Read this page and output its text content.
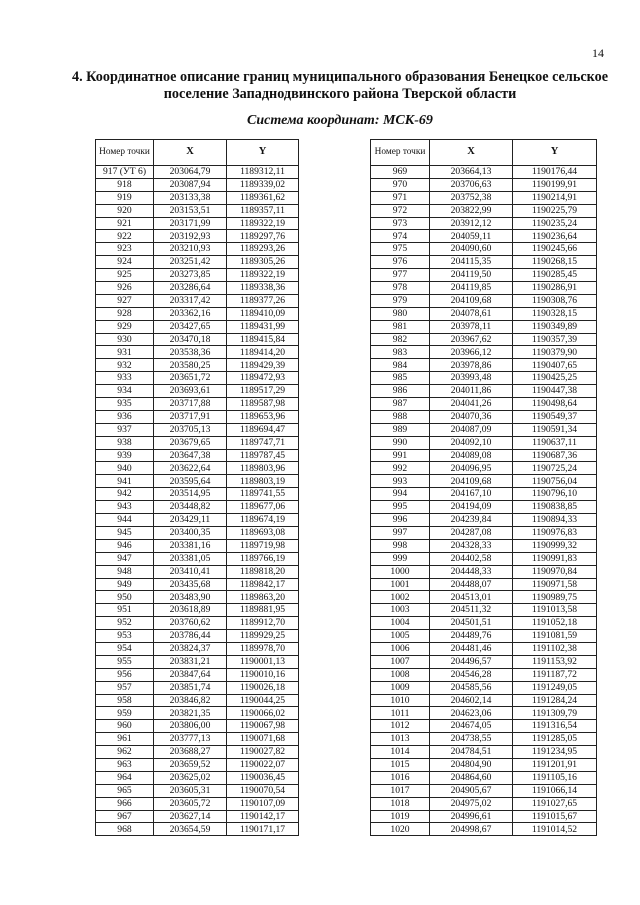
14
4. Координатное описание границ муниципального образования Бенецкое сельское поселение Западнодвинского района Тверской области
Система координат: МСК-69
Номер точки	X	Y
917 (УТ 6)	203064,79	1189312,11
918	203087,94	1189339,02
919	203133,38	1189361,62
920	203153,51	1189357,11
921	203171,99	1189322,19
922	203192,93	1189297,76
923	203210,93	1189293,26
924	203251,42	1189305,26
925	203273,85	1189322,19
926	203286,64	1189338,36
927	203317,42	1189377,26
928	203362,16	1189410,09
929	203427,65	1189431,99
930	203470,18	1189415,84
931	203538,36	1189414,20
932	203580,25	1189429,39
933	203651,72	1189472,93
934	203693,61	1189517,29
935	203717,88	1189587,98
936	203717,91	1189653,96
937	203705,13	1189694,47
938	203679,65	1189747,71
939	203647,38	1189787,45
940	203622,64	1189803,96
941	203595,64	1189803,19
942	203514,95	1189741,55
943	203448,82	1189677,06
944	203429,11	1189674,19
945	203400,35	1189693,08
946	203381,16	1189719,98
947	203381,05	1189766,19
948	203410,41	1189818,20
949	203435,68	1189842,17
950	203483,90	1189863,20
951	203618,89	1189881,95
952	203760,62	1189912,70
953	203786,44	1189929,25
954	203824,37	1189978,70
955	203831,21	1190001,13
956	203847,64	1190010,16
957	203851,74	1190026,18
958	203846,82	1190044,25
959	203821,35	1190066,02
960	203806,00	1190067,98
961	203777,13	1190071,68
962	203688,27	1190027,82
963	203659,52	1190022,07
964	203625,02	1190036,45
965	203605,31	1190070,54
966	203605,72	1190107,09
967	203627,14	1190142,17
968	203654,59	1190171,17
Номер точки	X	Y
969	203664,13	1190176,44
970	203706,63	1190199,91
971	203752,38	1190214,91
972	203822,99	1190225,79
973	203912,12	1190235,24
974	204059,11	1190236,64
975	204090,60	1190245,66
976	204115,35	1190268,15
977	204119,50	1190285,45
978	204119,85	1190286,91
979	204109,68	1190308,76
980	204078,61	1190328,15
981	203978,11	1190349,89
982	203967,62	1190357,39
983	203966,12	1190379,90
984	203978,86	1190407,65
985	203993,48	1190425,25
986	204011,86	1190447,38
987	204041,26	1190498,64
988	204070,36	1190549,37
989	204087,09	1190591,34
990	204092,10	1190637,11
991	204089,08	1190687,36
992	204096,95	1190725,24
993	204109,68	1190756,04
994	204167,10	1190796,10
995	204194,09	1190838,85
996	204239,84	1190894,33
997	204287,08	1190976,83
998	204328,33	1190999,32
999	204402,58	1190991,83
1000	204448,33	1190970,84
1001	204488,07	1190971,58
1002	204513,01	1190989,75
1003	204511,32	1191013,58
1004	204501,51	1191052,18
1005	204489,76	1191081,59
1006	204481,46	1191102,38
1007	204496,57	1191153,92
1008	204546,28	1191187,72
1009	204585,56	1191249,05
1010	204602,14	1191284,24
1011	204623,06	1191309,79
1012	204674,05	1191316,54
1013	204738,55	1191285,05
1014	204784,51	1191234,95
1015	204804,90	1191201,91
1016	204864,60	1191105,16
1017	204905,67	1191066,14
1018	204975,02	1191027,65
1019	204996,61	1191015,67
1020	204998,67	1191014,52
